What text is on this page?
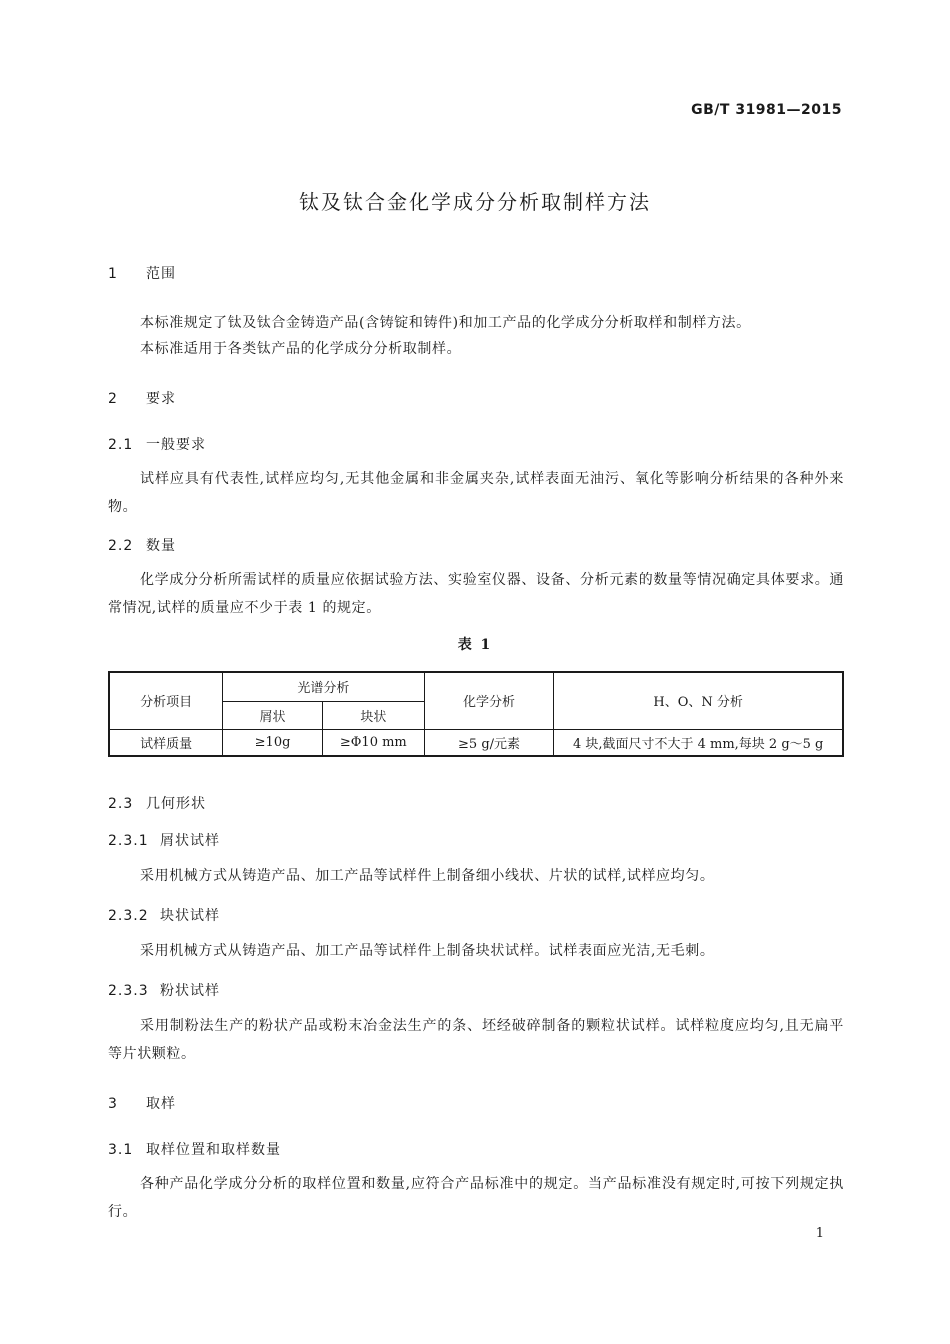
GB/T 31981—2015
钛及钛合金化学成分分析取制样方法
1 范围
本标准规定了钛及钛合金铸造产品(含铸锭和铸件)和加工产品的化学成分分析取样和制样方法。
本标准适用于各类钛产品的化学成分分析取制样。
2 要求
2.1 一般要求
试样应具有代表性,试样应均匀,无其他金属和非金属夹杂,试样表面无油污、氧化等影响分析结果的各种外来物。
2.2 数量
化学成分分析所需试样的质量应依据试验方法、实验室仪器、设备、分析元素的数量等情况确定具体要求。通常情况,试样的质量应不少于表 1 的规定。
表 1
分析项目	光谱分析		化学分析	H、O、N 分析
	屑状	块状		
试样质量	≥10g	≥Φ10 mm	≥5 g/元素	4 块,截面尺寸不大于 4 mm,每块 2 g～5 g
2.3 几何形状
2.3.1 屑状试样
采用机械方式从铸造产品、加工产品等试样件上制备细小线状、片状的试样,试样应均匀。
2.3.2 块状试样
采用机械方式从铸造产品、加工产品等试样件上制备块状试样。试样表面应光洁,无毛刺。
2.3.3 粉状试样
采用制粉法生产的粉状产品或粉末冶金法生产的条、坯经破碎制备的颗粒状试样。试样粒度应均匀,且无扁平等片状颗粒。
3 取样
3.1 取样位置和取样数量
各种产品化学成分分析的取样位置和数量,应符合产品标准中的规定。当产品标准没有规定时,可按下列规定执行。
1
